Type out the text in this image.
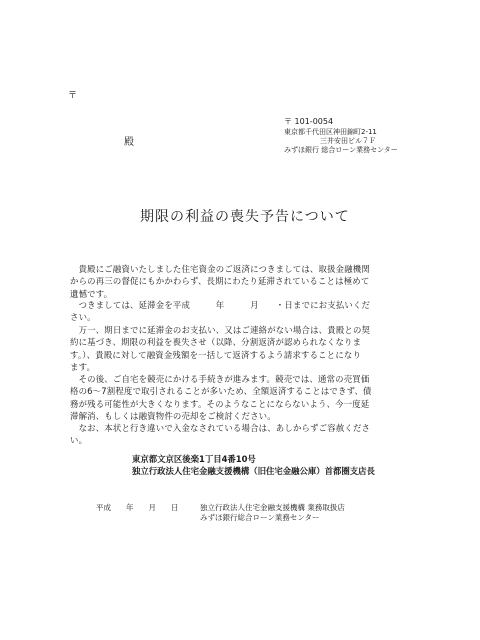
〒
殿
〒 101-0054
東京都千代田区神田錦町2-11
三井安田ビル７Ｆ
みずほ銀行 総合ローン業務センター
期限の利益の喪失予告について
　貴殿にご融資いたしました住宅資金のご返済につきましては、取扱金融機関
からの再三の督促にもかかわらず、長期にわたり延滞されていることは極めて
遺憾です。
　つきましては、延滞金を平成　　　年　　　月　　・日までにお支払いくだ
さい。
　万一、期日までに延滞金のお支払い、又はご連絡がない場合は、貴殿との契
約に基づき、期限の利益を喪失させ（以降、分割返済が認められなくなりま
す。）、貴殿に対して融資金残額を一括して返済するよう請求することになり
ます。
　その後、ご自宅を競売にかける手続きが進みます。競売では、通常の売買価
格の6～7割程度で取引されることが多いため、全額返済することはできず、債
務が残る可能性が大きくなります。そのようなことにならないよう、今一度延
滞解消、もしくは融資物件の売却をご検討ください。
　なお、本状と行き違いで入金なされている場合は、あしからずご容赦くださ
い。
東京都文京区後楽1丁目4番10号
独立行政法人住宅金融支援機構（旧住宅金融公庫）首都圏支店長
平成　　年　　月　　日	独立行政法人住宅金融支援機構 業務取扱店
みずほ銀行総合ローン業務センター
